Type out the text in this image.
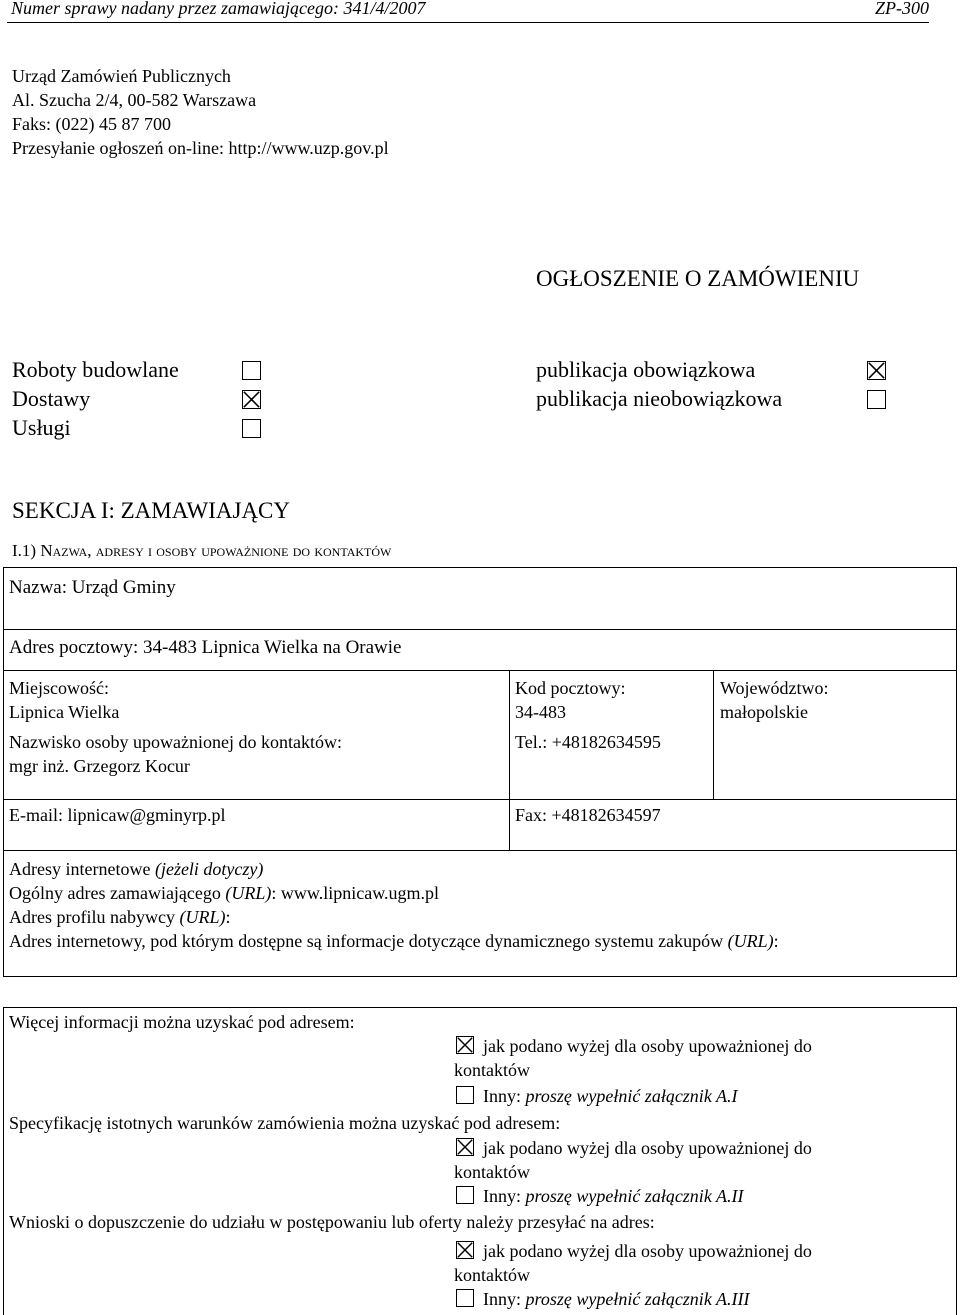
Numer sprawy nadany przez zamawiającego: 341/4/2007	ZP-300
Urząd Zamówień Publicznych
Al. Szucha 2/4, 00-582 Warszawa
Faks: (022) 45 87 700
Przesyłanie ogłoszeń on-line: http://www.uzp.gov.pl
OGŁOSZENIE O ZAMÓWIENIU
Roboty budowlane
Dostawy
Usługi
publikacja obowiązkowa
publikacja nieobowiązkowa
SEKCJA I: ZAMAWIAJĄCY
I.1) Nazwa, adresy i osoby upoważnione do kontaktów
Nazwa: Urząd Gminy
Adres pocztowy: 34-483 Lipnica Wielka na Orawie
Miejscowość:
Lipnica Wielka
Kod pocztowy:
34-483
Województwo:
małopolskie
Nazwisko osoby upoważnionej do kontaktów:
mgr inż. Grzegorz Kocur
Tel.: +48182634595
E-mail: lipnicaw@gminyrp.pl	Fax: +48182634597
Adresy internetowe (jeżeli dotyczy)
Ogólny adres zamawiającego (URL): www.lipnicaw.ugm.pl
Adres profilu nabywcy (URL):
Adres internetowy, pod którym dostępne są informacje dotyczące dynamicznego systemu zakupów (URL):
Więcej informacji można uzyskać pod adresem:
jak podano wyżej dla osoby upoważnionej do
kontaktów
Inny: proszę wypełnić załącznik A.I
Specyfikację istotnych warunków zamówienia można uzyskać pod adresem:
jak podano wyżej dla osoby upoważnionej do
kontaktów
Inny: proszę wypełnić załącznik A.II
Wnioski o dopuszczenie do udziału w postępowaniu lub oferty należy przesyłać na adres:
jak podano wyżej dla osoby upoważnionej do
kontaktów
Inny: proszę wypełnić załącznik A.III
